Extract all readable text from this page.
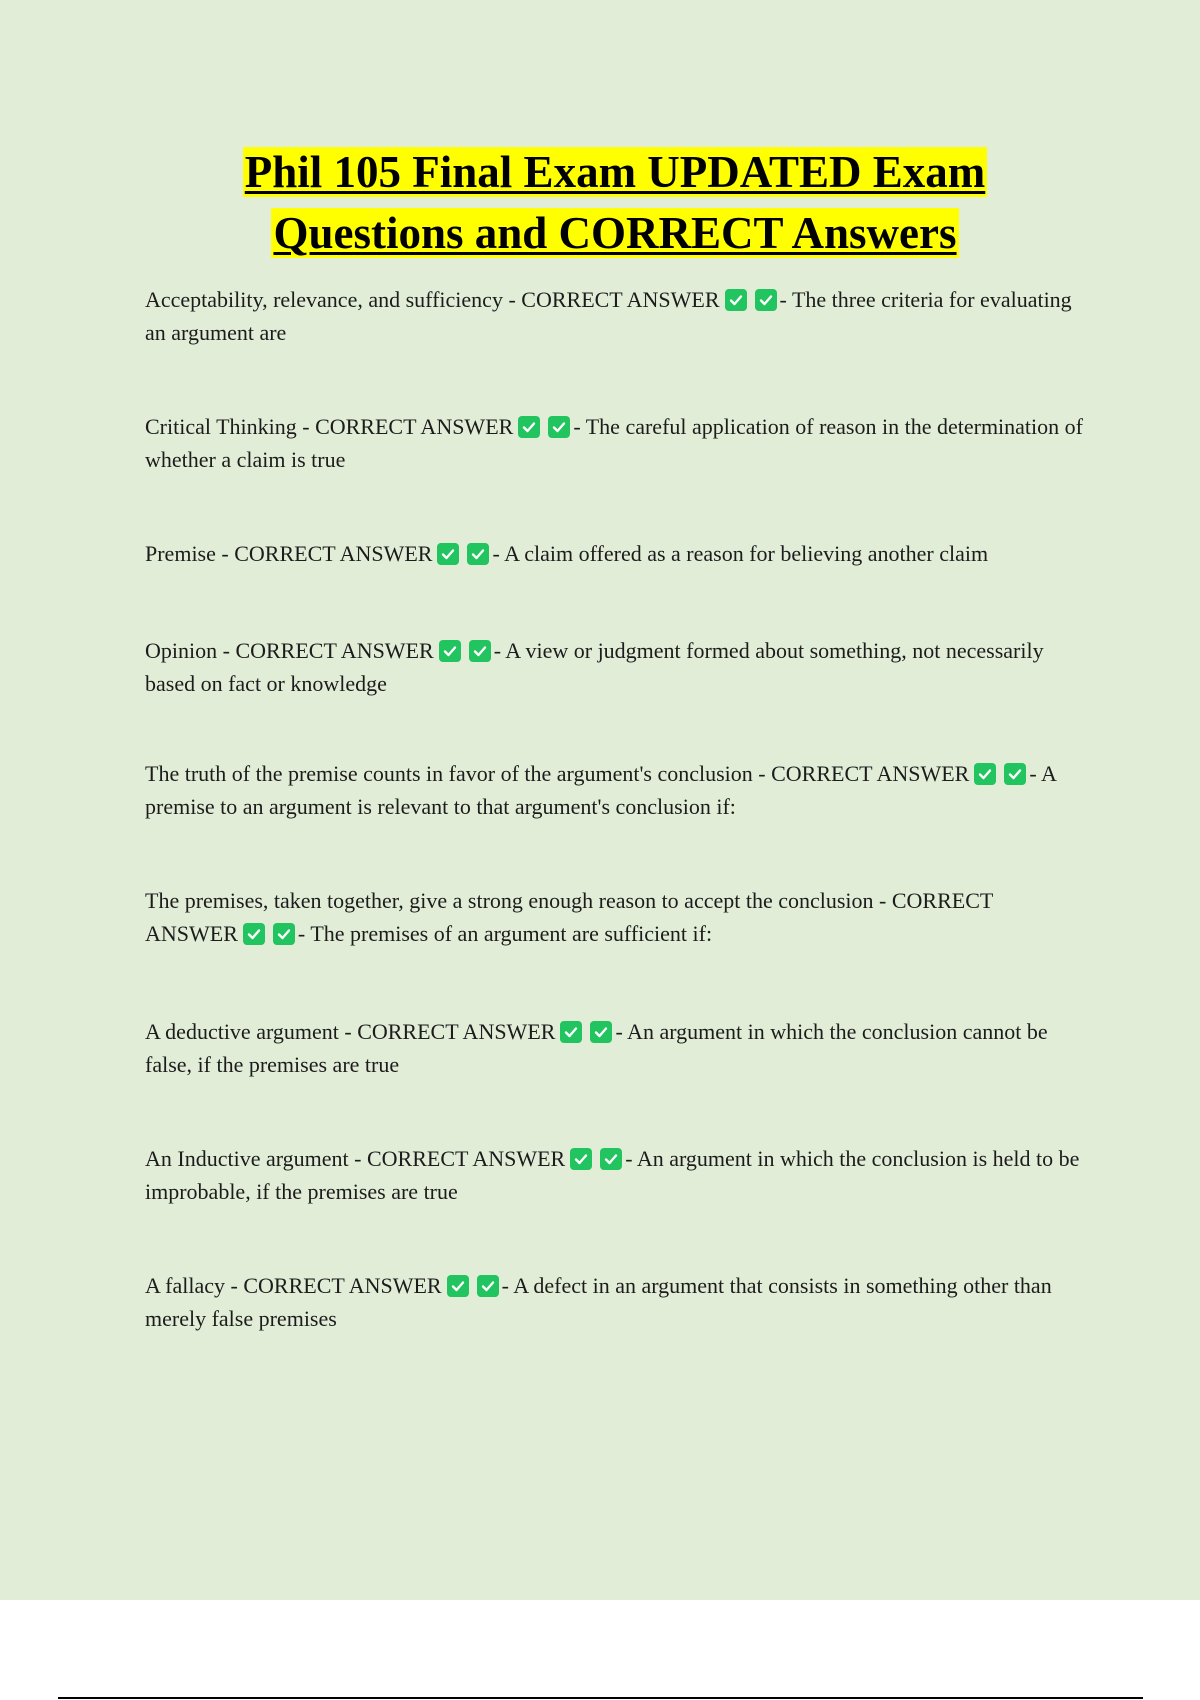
Phil 105 Final Exam UPDATED Exam
Questions and CORRECT Answers

Acceptability, relevance, and sufficiency - CORRECT ANSWER	- The three criteria for evaluating an argument are

Critical Thinking - CORRECT ANSWER	- The careful application of reason in the determination of whether a claim is true

Premise - CORRECT ANSWER	- A claim offered as a reason for believing another claim

Opinion - CORRECT ANSWER	- A view or judgment formed about something, not necessarily based on fact or knowledge

The truth of the premise counts in favor of the argument's conclusion - CORRECT ANSWER	- A premise to an argument is relevant to that argument's conclusion if:

The premises, taken together, give a strong enough reason to accept the conclusion - CORRECT ANSWER	- The premises of an argument are sufficient if:

A deductive argument - CORRECT ANSWER	- An argument in which the conclusion cannot be false, if the premises are true

An Inductive argument - CORRECT ANSWER	- An argument in which the conclusion is held to be improbable, if the premises are true

A fallacy - CORRECT ANSWER	- A defect in an argument that consists in something other than merely false premises
